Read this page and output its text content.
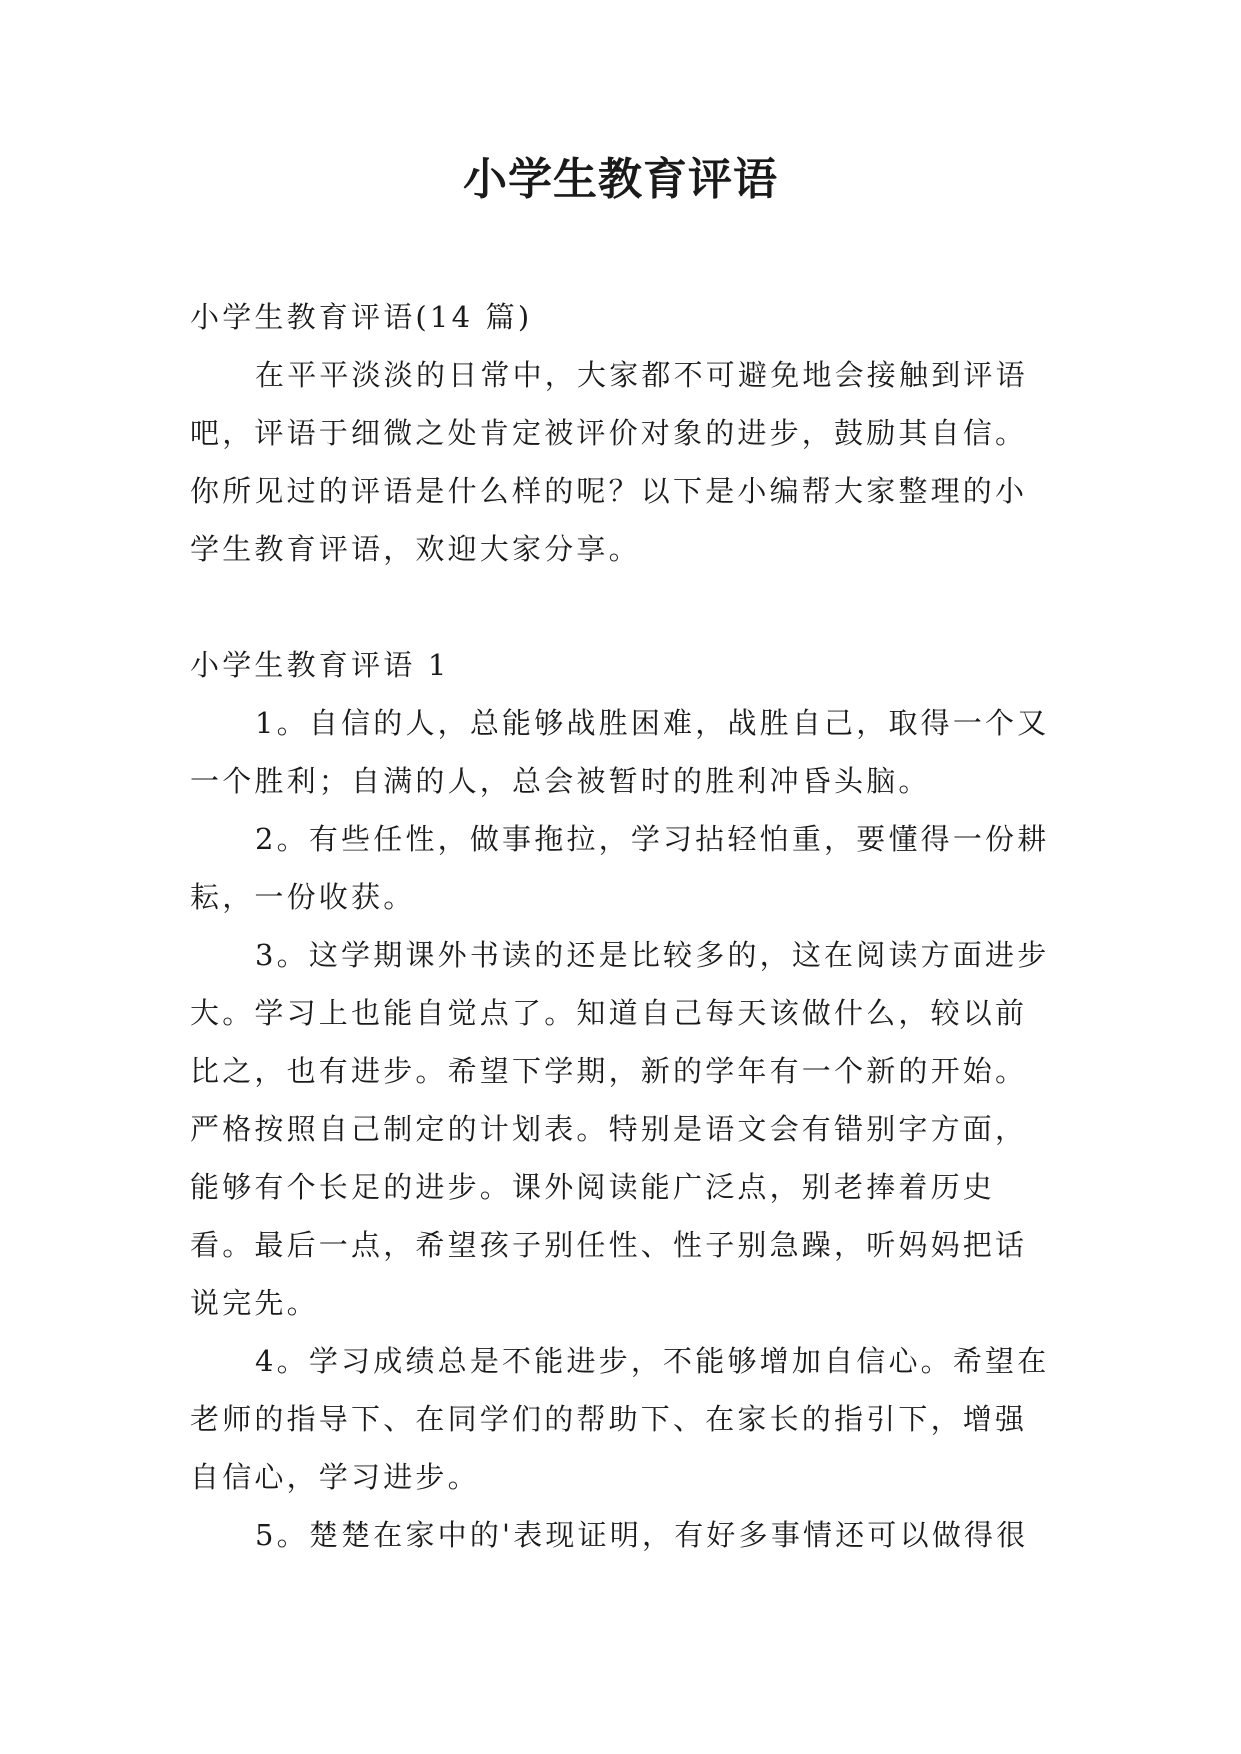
小学生教育评语

小学生教育评语(14 篇)

在平平淡淡的日常中，大家都不可避免地会接触到评语吧，评语于细微之处肯定被评价对象的进步，鼓励其自信。你所见过的评语是什么样的呢？以下是小编帮大家整理的小学生教育评语，欢迎大家分享。

小学生教育评语 1

1。自信的人，总能够战胜困难，战胜自己，取得一个又一个胜利；自满的人，总会被暂时的胜利冲昏头脑。

2。有些任性，做事拖拉，学习拈轻怕重，要懂得一份耕耘，一份收获。

3。这学期课外书读的还是比较多的，这在阅读方面进步大。学习上也能自觉点了。知道自己每天该做什么，较以前比之，也有进步。希望下学期，新的学年有一个新的开始。严格按照自己制定的计划表。特别是语文会有错别字方面，能够有个长足的进步。课外阅读能广泛点，别老捧着历史看。最后一点，希望孩子别任性、性子别急躁，听妈妈把话说完先。

4。学习成绩总是不能进步，不能够增加自信心。希望在老师的指导下、在同学们的帮助下、在家长的指引下，增强自信心，学习进步。

5。楚楚在家中的'表现证明，有好多事情还可以做得很
